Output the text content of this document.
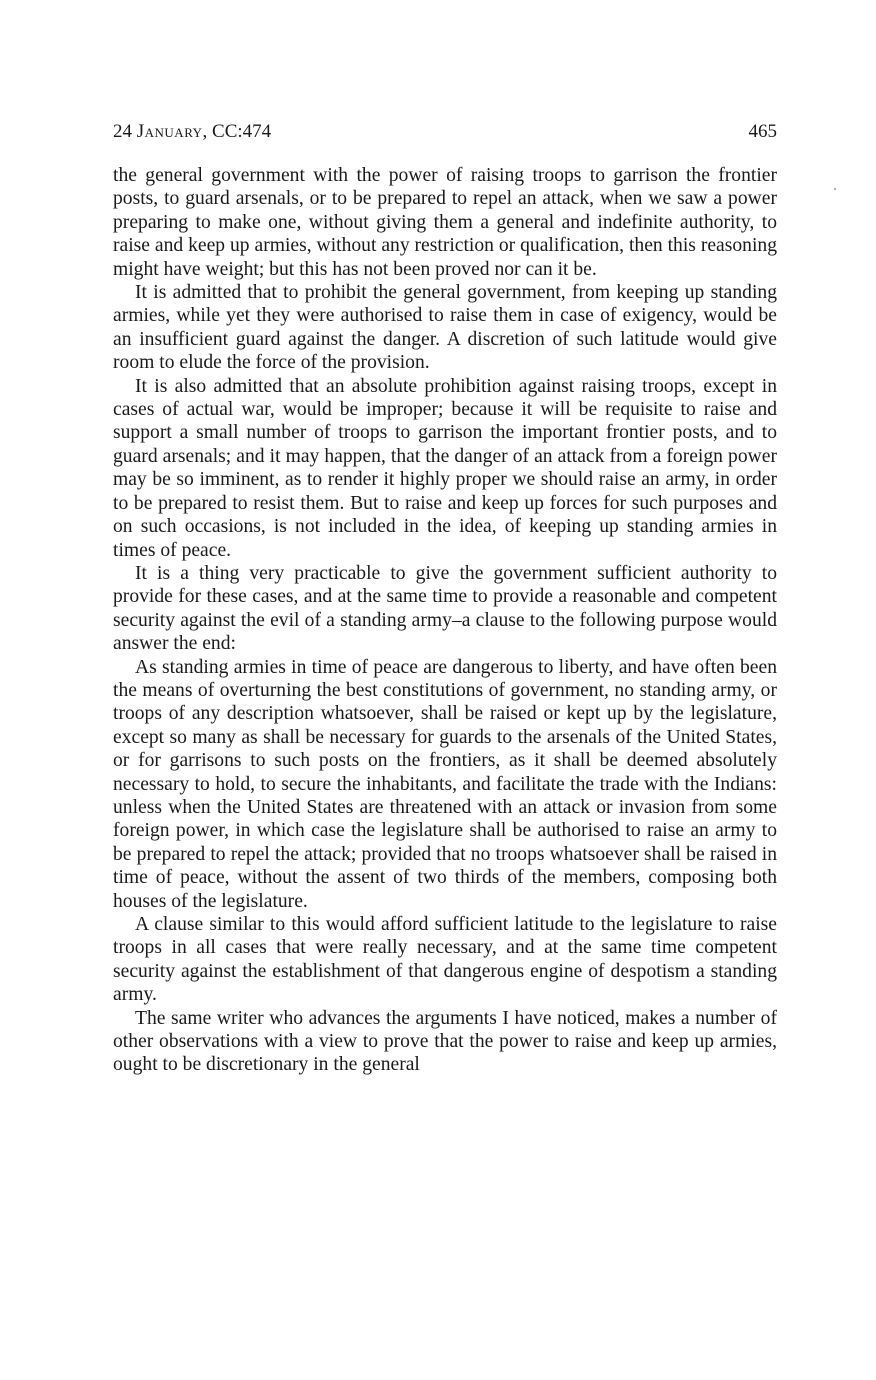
24 January, CC:474	465

the general government with the power of raising troops to garrison the frontier posts, to guard arsenals, or to be prepared to repel an attack, when we saw a power preparing to make one, without giving them a general and indefinite authority, to raise and keep up armies, without any restriction or qualification, then this reasoning might have weight; but this has not been proved nor can it be.

It is admitted that to prohibit the general government, from keeping up standing armies, while yet they were authorised to raise them in case of exigency, would be an insufficient guard against the danger. A discretion of such latitude would give room to elude the force of the provision.

It is also admitted that an absolute prohibition against raising troops, except in cases of actual war, would be improper; because it will be requisite to raise and support a small number of troops to garrison the important frontier posts, and to guard arsenals; and it may happen, that the danger of an attack from a foreign power may be so imminent, as to render it highly proper we should raise an army, in order to be prepared to resist them. But to raise and keep up forces for such purposes and on such occasions, is not included in the idea, of keeping up standing armies in times of peace.

It is a thing very practicable to give the government sufficient authority to provide for these cases, and at the same time to provide a reasonable and competent security against the evil of a standing army–a clause to the following purpose would answer the end:

As standing armies in time of peace are dangerous to liberty, and have often been the means of overturning the best constitutions of government, no standing army, or troops of any description whatsoever, shall be raised or kept up by the legislature, except so many as shall be necessary for guards to the arsenals of the United States, or for garrisons to such posts on the frontiers, as it shall be deemed absolutely necessary to hold, to secure the inhabitants, and facilitate the trade with the Indians: unless when the United States are threatened with an attack or invasion from some foreign power, in which case the legislature shall be authorised to raise an army to be prepared to repel the attack; provided that no troops whatsoever shall be raised in time of peace, without the assent of two thirds of the members, composing both houses of the legislature.

A clause similar to this would afford sufficient latitude to the legislature to raise troops in all cases that were really necessary, and at the same time competent security against the establishment of that dangerous engine of despotism a standing army.

The same writer who advances the arguments I have noticed, makes a number of other observations with a view to prove that the power to raise and keep up armies, ought to be discretionary in the general
